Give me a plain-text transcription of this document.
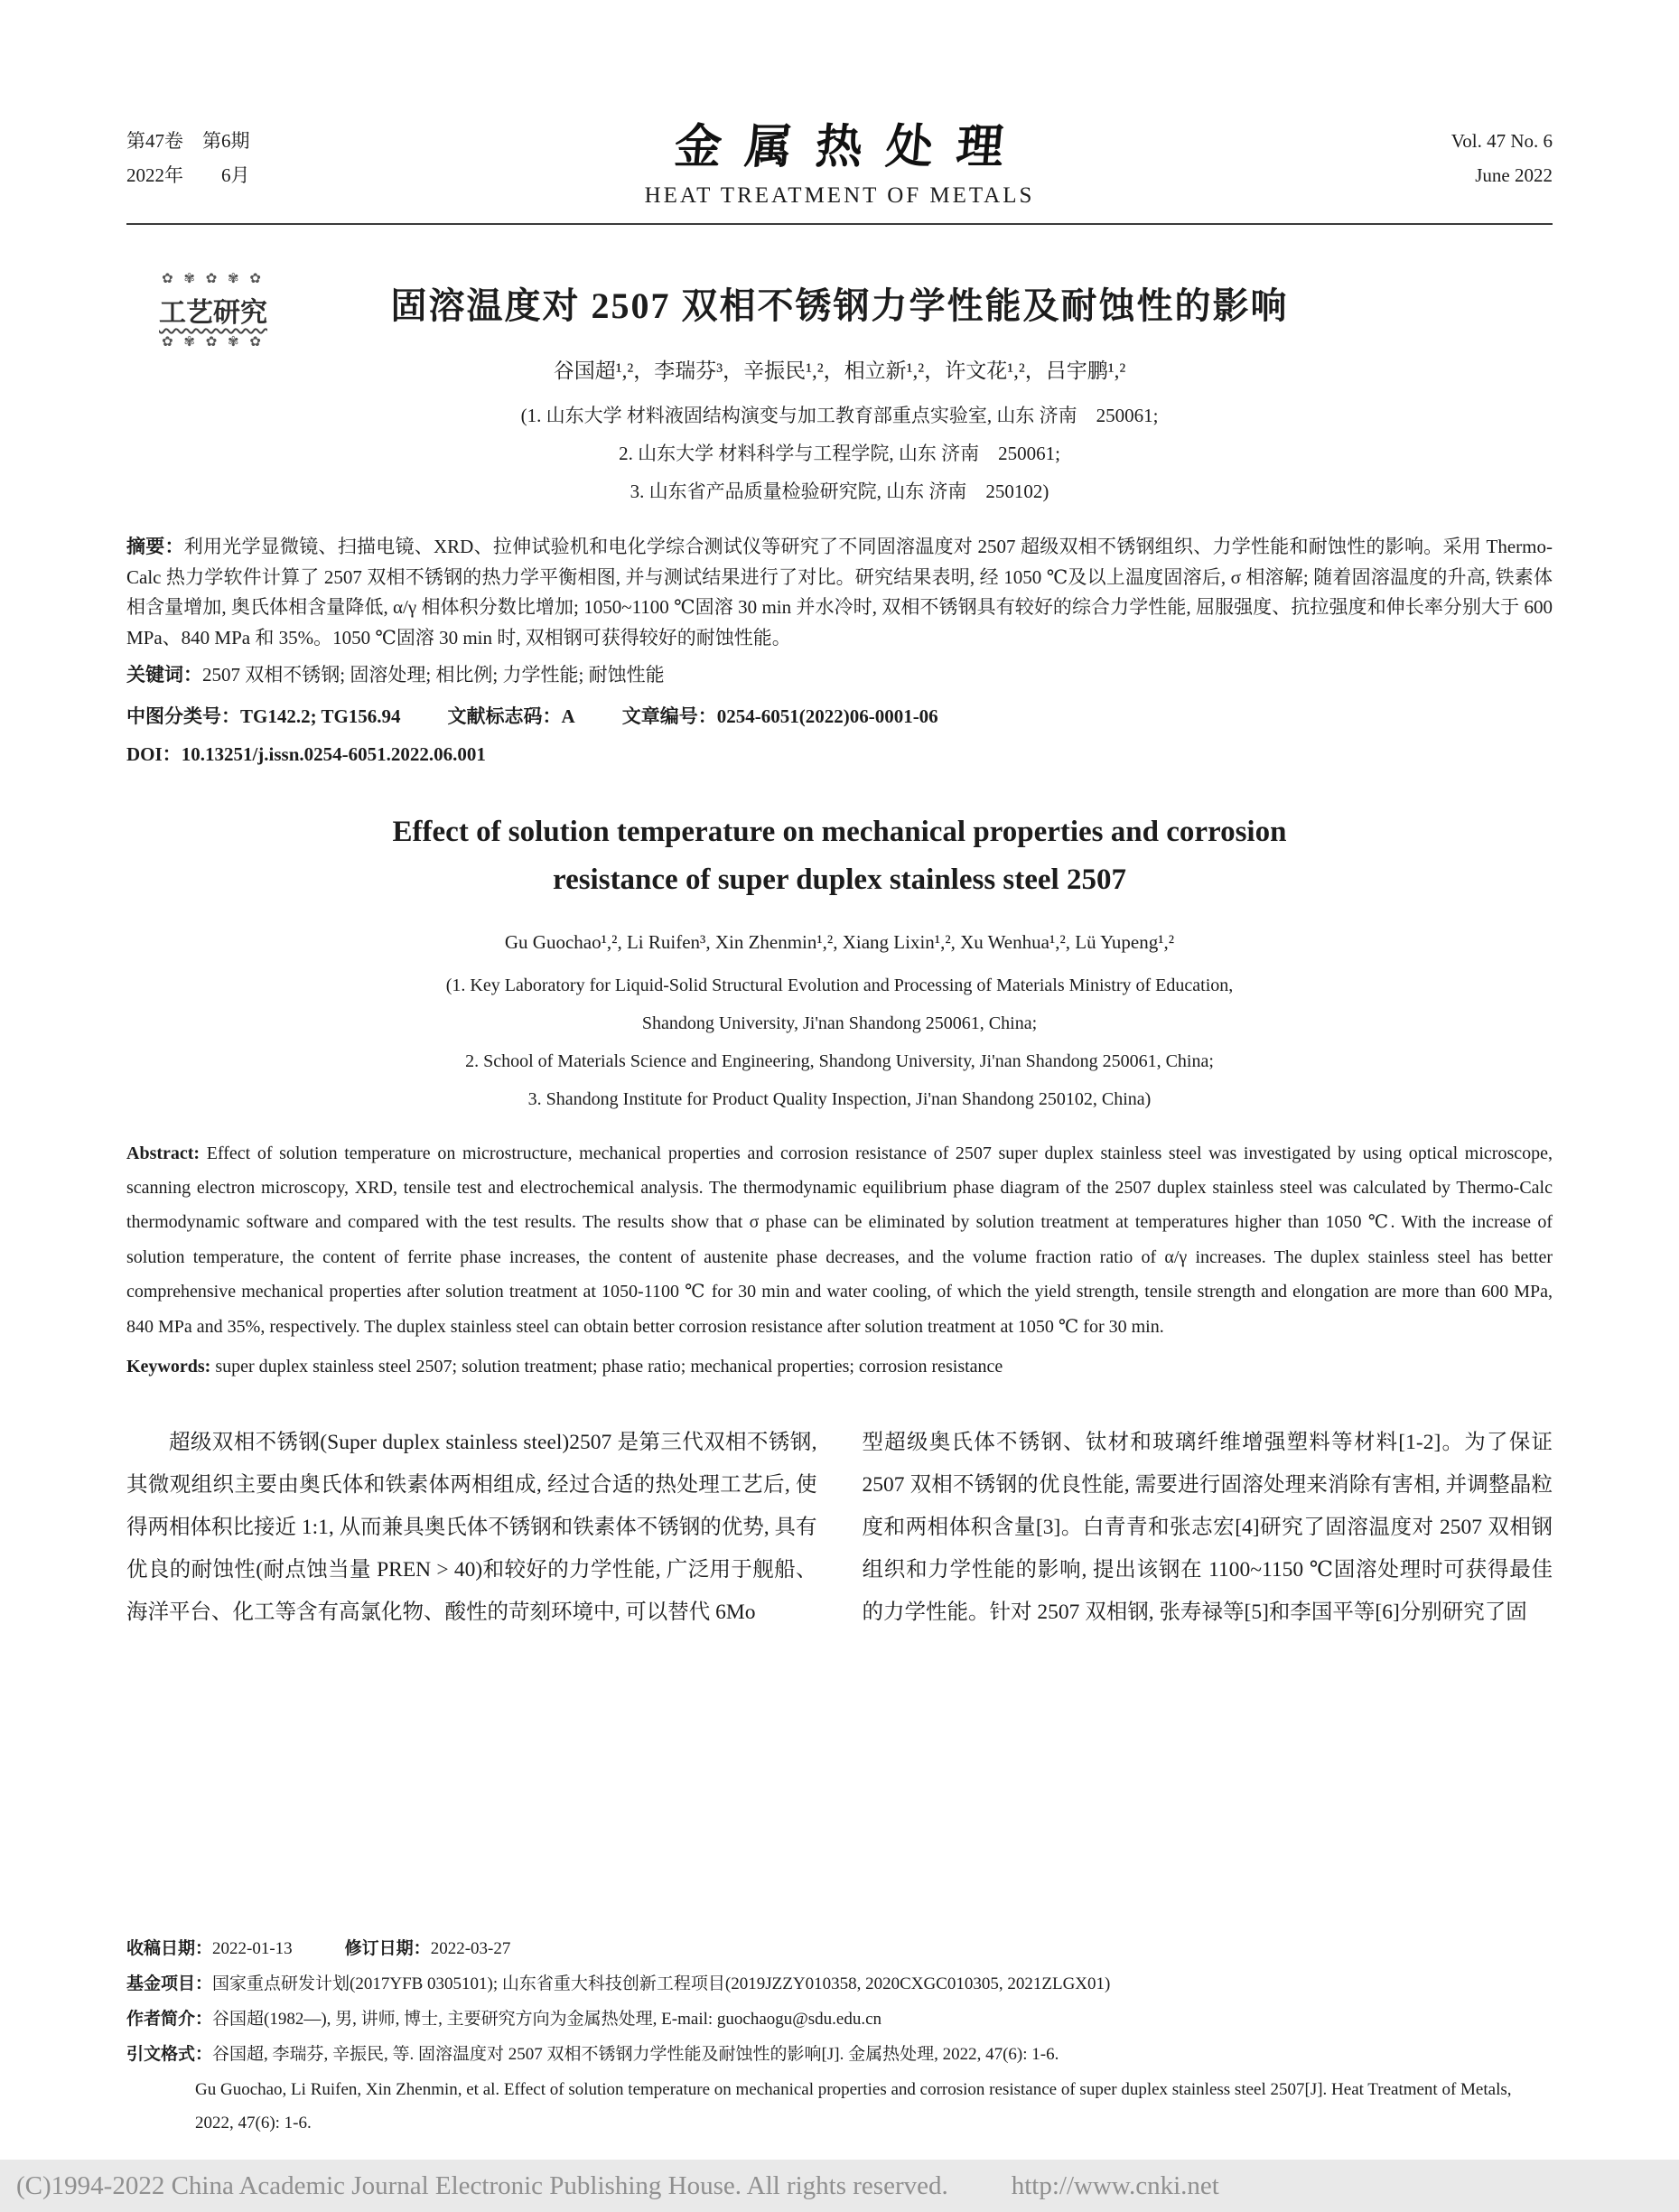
第47卷　第6期
2022年　　6月
金属热处理
HEAT TREATMENT OF METALS
Vol. 47 No. 6
June 2022
✿ ✾ ✿ ✾ ✿
工艺研究
✿ ✾ ✿ ✾ ✿
固溶温度对 2507 双相不锈钢力学性能及耐蚀性的影响
谷国超¹,²，李瑞芬³，辛振民¹,²，相立新¹,²，许文花¹,²，吕宇鹏¹,²
(1. 山东大学 材料液固结构演变与加工教育部重点实验室, 山东 济南　250061;
2. 山东大学 材料科学与工程学院, 山东 济南　250061;
3. 山东省产品质量检验研究院, 山东 济南　250102)

摘要：利用光学显微镜、扫描电镜、XRD、拉伸试验机和电化学综合测试仪等研究了不同固溶温度对 2507 超级双相不锈钢组织、力学性能和耐蚀性的影响。采用 Thermo-Calc 热力学软件计算了 2507 双相不锈钢的热力学平衡相图, 并与测试结果进行了对比。研究结果表明, 经 1050 ℃及以上温度固溶后, σ 相溶解; 随着固溶温度的升高, 铁素体相含量增加, 奥氏体相含量降低, α/γ 相体积分数比增加; 1050~1100 ℃固溶 30 min 并水冷时, 双相不锈钢具有较好的综合力学性能, 屈服强度、抗拉强度和伸长率分别大于 600 MPa、840 MPa 和 35%。1050 ℃固溶 30 min 时, 双相钢可获得较好的耐蚀性能。

关键词：2507 双相不锈钢; 固溶处理; 相比例; 力学性能; 耐蚀性能

中图分类号：TG142.2; TG156.94 文献标志码：A 文章编号：0254-6051(2022)06-0001-06

DOI：10.13251/j.issn.0254-6051.2022.06.001

Effect of solution temperature on mechanical properties and corrosion
resistance of super duplex stainless steel 2507
Gu Guochao¹,², Li Ruifen³, Xin Zhenmin¹,², Xiang Lixin¹,², Xu Wenhua¹,², Lü Yupeng¹,²
(1. Key Laboratory for Liquid-Solid Structural Evolution and Processing of Materials Ministry of Education,
Shandong University, Ji'nan Shandong 250061, China;
2. School of Materials Science and Engineering, Shandong University, Ji'nan Shandong 250061, China;
3. Shandong Institute for Product Quality Inspection, Ji'nan Shandong 250102, China)

Abstract: Effect of solution temperature on microstructure, mechanical properties and corrosion resistance of 2507 super duplex stainless steel was investigated by using optical microscope, scanning electron microscopy, XRD, tensile test and electrochemical analysis. The thermodynamic equilibrium phase diagram of the 2507 duplex stainless steel was calculated by Thermo-Calc thermodynamic software and compared with the test results. The results show that σ phase can be eliminated by solution treatment at temperatures higher than 1050 ℃. With the increase of solution temperature, the content of ferrite phase increases, the content of austenite phase decreases, and the volume fraction ratio of α/γ increases. The duplex stainless steel has better comprehensive mechanical properties after solution treatment at 1050-1100 ℃ for 30 min and water cooling, of which the yield strength, tensile strength and elongation are more than 600 MPa, 840 MPa and 35%, respectively. The duplex stainless steel can obtain better corrosion resistance after solution treatment at 1050 ℃ for 30 min.

Keywords: super duplex stainless steel 2507; solution treatment; phase ratio; mechanical properties; corrosion resistance

超级双相不锈钢(Super duplex stainless steel)2507 是第三代双相不锈钢, 其微观组织主要由奥氏体和铁素体两相组成, 经过合适的热处理工艺后, 使得两相体积比接近 1:1, 从而兼具奥氏体不锈钢和铁素体不锈钢的优势, 具有优良的耐蚀性(耐点蚀当量 PREN > 40)和较好的力学性能, 广泛用于舰船、海洋平台、化工等含有高氯化物、酸性的苛刻环境中, 可以替代 6Mo

型超级奥氏体不锈钢、钛材和玻璃纤维增强塑料等材料[1-2]。为了保证 2507 双相不锈钢的优良性能, 需要进行固溶处理来消除有害相, 并调整晶粒度和两相体积含量[3]。白青青和张志宏[4]研究了固溶温度对 2507 双相钢组织和力学性能的影响, 提出该钢在 1100~1150 ℃固溶处理时可获得最佳的力学性能。针对 2507 双相钢, 张寿禄等[5]和李国平等[6]分别研究了固

收稿日期：2022-01-13	修订日期：2022-03-27
基金项目：国家重点研发计划(2017YFB 0305101); 山东省重大科技创新工程项目(2019JZZY010358, 2020CXGC010305, 2021ZLGX01)
作者简介：谷国超(1982—), 男, 讲师, 博士, 主要研究方向为金属热处理, E-mail: guochaogu@sdu.edu.cn
引文格式：谷国超, 李瑞芬, 辛振民, 等. 固溶温度对 2507 双相不锈钢力学性能及耐蚀性的影响[J]. 金属热处理, 2022, 47(6): 1-6.
Gu Guochao, Li Ruifen, Xin Zhenmin, et al. Effect of solution temperature on mechanical properties and corrosion resistance of super duplex stainless steel 2507[J]. Heat Treatment of Metals, 2022, 47(6): 1-6.
(C)1994-2022 China Academic Journal Electronic Publishing House. All rights reserved. http://www.cnki.net
